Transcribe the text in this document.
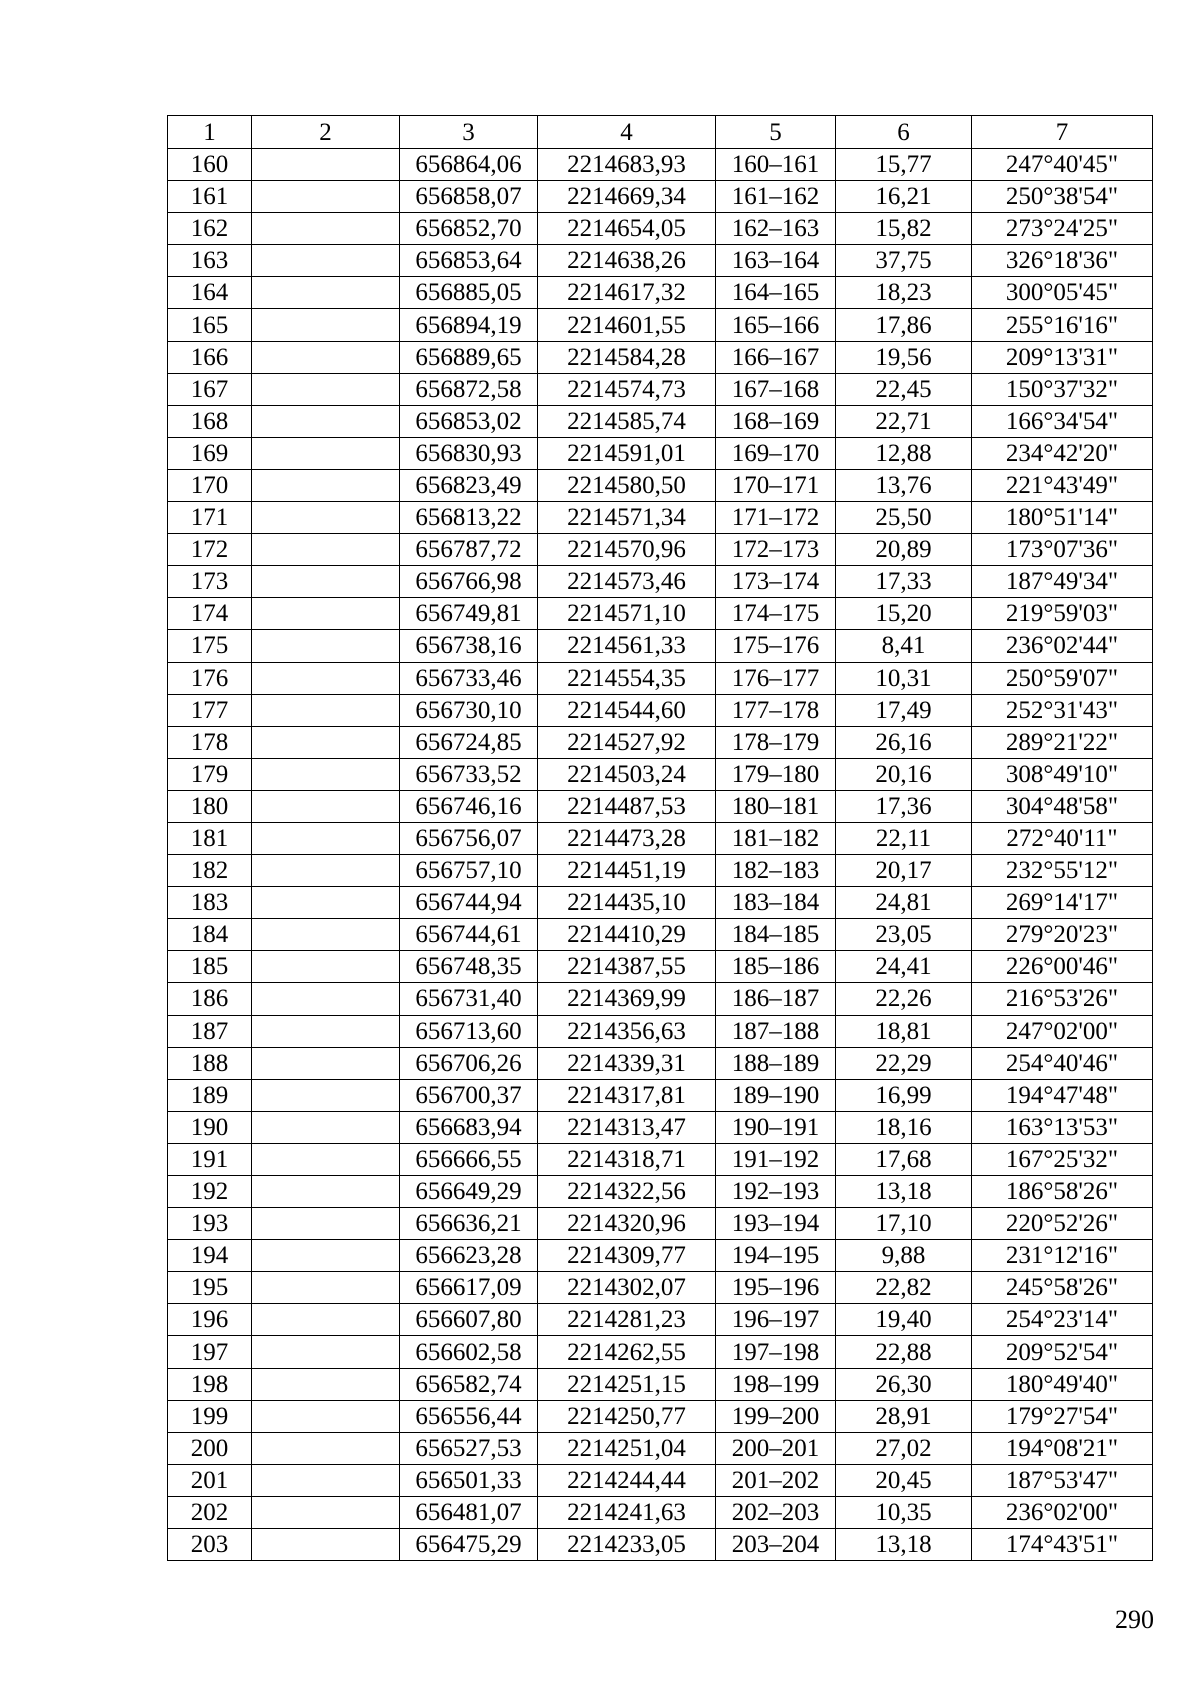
1	2	3	4	5	6	7
160		656864,06	2214683,93	160–161	15,77	247°40'45"
161		656858,07	2214669,34	161–162	16,21	250°38'54"
162		656852,70	2214654,05	162–163	15,82	273°24'25"
163		656853,64	2214638,26	163–164	37,75	326°18'36"
164		656885,05	2214617,32	164–165	18,23	300°05'45"
165		656894,19	2214601,55	165–166	17,86	255°16'16"
166		656889,65	2214584,28	166–167	19,56	209°13'31"
167		656872,58	2214574,73	167–168	22,45	150°37'32"
168		656853,02	2214585,74	168–169	22,71	166°34'54"
169		656830,93	2214591,01	169–170	12,88	234°42'20"
170		656823,49	2214580,50	170–171	13,76	221°43'49"
171		656813,22	2214571,34	171–172	25,50	180°51'14"
172		656787,72	2214570,96	172–173	20,89	173°07'36"
173		656766,98	2214573,46	173–174	17,33	187°49'34"
174		656749,81	2214571,10	174–175	15,20	219°59'03"
175		656738,16	2214561,33	175–176	8,41	236°02'44"
176		656733,46	2214554,35	176–177	10,31	250°59'07"
177		656730,10	2214544,60	177–178	17,49	252°31'43"
178		656724,85	2214527,92	178–179	26,16	289°21'22"
179		656733,52	2214503,24	179–180	20,16	308°49'10"
180		656746,16	2214487,53	180–181	17,36	304°48'58"
181		656756,07	2214473,28	181–182	22,11	272°40'11"
182		656757,10	2214451,19	182–183	20,17	232°55'12"
183		656744,94	2214435,10	183–184	24,81	269°14'17"
184		656744,61	2214410,29	184–185	23,05	279°20'23"
185		656748,35	2214387,55	185–186	24,41	226°00'46"
186		656731,40	2214369,99	186–187	22,26	216°53'26"
187		656713,60	2214356,63	187–188	18,81	247°02'00"
188		656706,26	2214339,31	188–189	22,29	254°40'46"
189		656700,37	2214317,81	189–190	16,99	194°47'48"
190		656683,94	2214313,47	190–191	18,16	163°13'53"
191		656666,55	2214318,71	191–192	17,68	167°25'32"
192		656649,29	2214322,56	192–193	13,18	186°58'26"
193		656636,21	2214320,96	193–194	17,10	220°52'26"
194		656623,28	2214309,77	194–195	9,88	231°12'16"
195		656617,09	2214302,07	195–196	22,82	245°58'26"
196		656607,80	2214281,23	196–197	19,40	254°23'14"
197		656602,58	2214262,55	197–198	22,88	209°52'54"
198		656582,74	2214251,15	198–199	26,30	180°49'40"
199		656556,44	2214250,77	199–200	28,91	179°27'54"
200		656527,53	2214251,04	200–201	27,02	194°08'21"
201		656501,33	2214244,44	201–202	20,45	187°53'47"
202		656481,07	2214241,63	202–203	10,35	236°02'00"
203		656475,29	2214233,05	203–204	13,18	174°43'51"
290
